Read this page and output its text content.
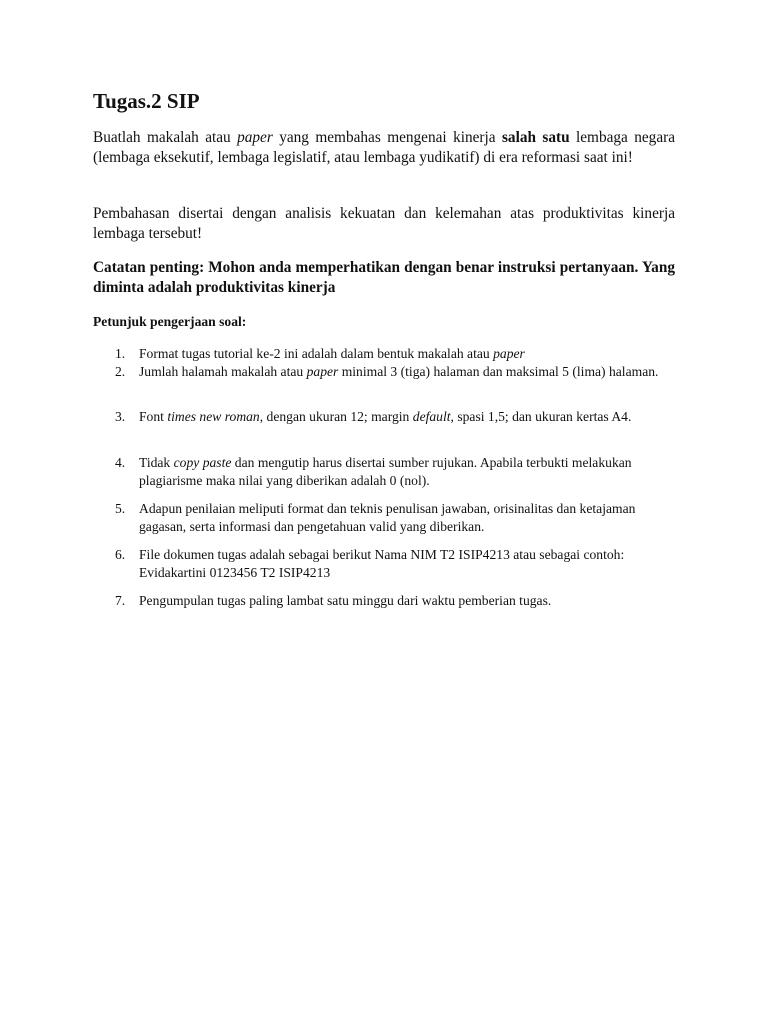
Tugas.2 SIP

Buatlah makalah atau paper yang membahas mengenai kinerja salah satu lembaga negara (lembaga eksekutif, lembaga legislatif, atau lembaga yudikatif) di era reformasi saat ini!

Pembahasan disertai dengan analisis kekuatan dan kelemahan atas produktivitas kinerja lembaga tersebut!

Catatan penting: Mohon anda memperhatikan dengan benar instruksi pertanyaan. Yang diminta adalah produktivitas kinerja

Petunjuk pengerjaan soal:
1.	Format tugas tutorial ke-2 ini adalah dalam bentuk makalah atau paper
2.	Jumlah halamah makalah atau paper minimal 3 (tiga) halaman dan maksimal 5 (lima) halaman.
3.	Font times new roman, dengan ukuran 12; margin default, spasi 1,5; dan ukuran kertas A4.
4.	Tidak copy paste dan mengutip harus disertai sumber rujukan. Apabila terbukti melakukan plagiarisme maka nilai yang diberikan adalah 0 (nol).
5.	Adapun penilaian meliputi format dan teknis penulisan jawaban, orisinalitas dan ketajaman gagasan, serta informasi dan pengetahuan valid yang diberikan.
6.	File dokumen tugas adalah sebagai berikut Nama NIM T2 ISIP4213 atau sebagai contoh: Evidakartini 0123456 T2 ISIP4213
7.	Pengumpulan tugas paling lambat satu minggu dari waktu pemberian tugas.
